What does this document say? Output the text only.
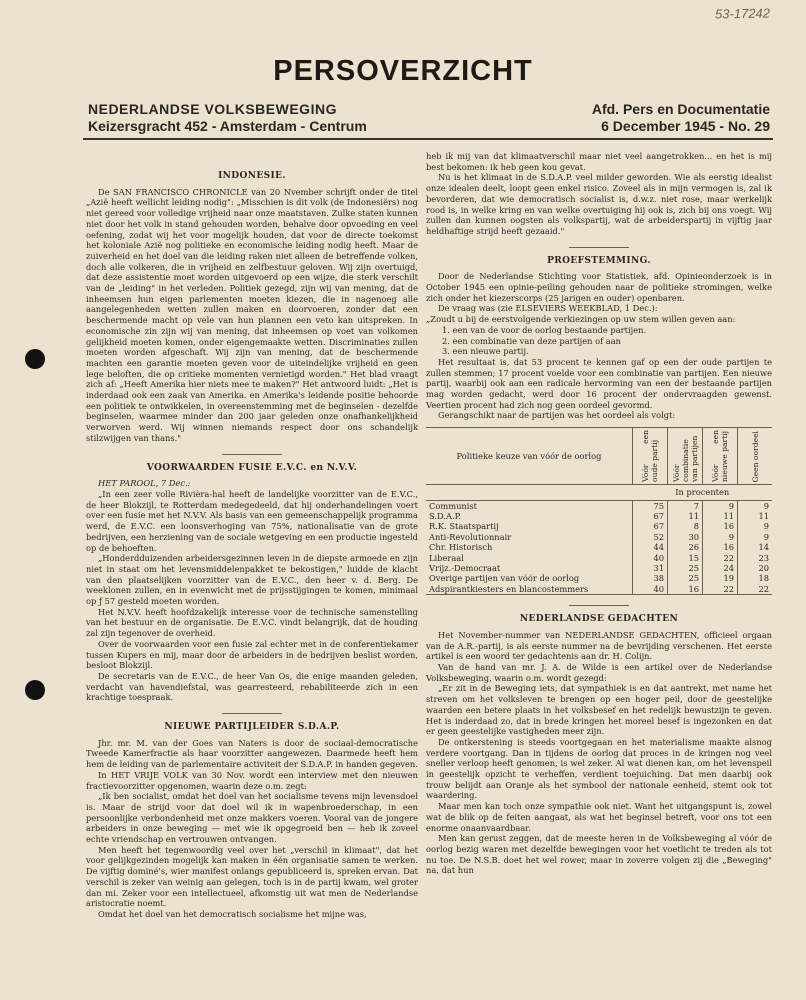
53-17242
PERSOVERZICHT
NEDERLANDSE VOLKSBEWEGING
Keizersgracht 452 - Amsterdam - Centrum
Afd. Pers en Documentatie
6 December 1945 - No. 29
INDONESIE.

De SAN FRANCISCO CHRONICLE van 20 Nvember schrijft onder de titel „Azië heeft wellicht leiding nodig": „Misschien is dit volk (de Indonesiërs) nog niet gereed voor volledige vrijheid naar onze maatstaven. Zulke staten kunnen niet door het volk in stand gehouden worden, behalve door opvoeding en veel oefening, zodat wij het voor mogelijk houden, dat voor de directe toekomst het koloniale Azië nog politieke en economische leiding nodig heeft. Maar de zuiverheid en het doel van die leiding raken niet alleen de betreffende volken, doch alle volkeren, die in vrijheid en zelfbestuur geloven. Wij zijn overtuigd, dat deze assistentie moet worden uitgevoerd op een wijze, die sterk verschilt van de „leiding" in het verleden. Politiek gezegd, zijn wij van mening, dat de inheemsen hun eigen parlementen moeten kiezen, die in nagenoeg alle aangelegenheden wetten zullen maken en doorvoeren, zonder dat een beschermende macht op vele van hun plannen een veto kan uitspreken. In economische zin zijn wij van mening, dat inheemsen op voet van volkomen gelijkheid moeten komen, onder eigengemaakte wetten. Discriminaties zullen moeten worden afgeschaft. Wij zijn van mening, dat de beschermende machten een garantie moeten geven voor de uiteindelijke vrijheid en geen lege beloften, die op critieke momenten vernietigd worden." Het blad vraagt zich af: „Heeft Amerika hier niets mee te maken?" Het antwoord luidt: „Het is inderdaad ook een zaak van Amerika. en Amerika's leidende positie behoorde een politiek te ontwikkelen, in overeenstemming met de beginselen - dezelfde beginselen, waarmee minder dan 200 jaar geleden onze onafhankelijkheid verworven werd. Wij winnen niemands respect door ons schandelijk stilzwijgen van thans."

VOORWAARDEN FUSIE E.V.C. en N.V.V.

HET PAROOL, 7 Dec.:

„In een zeer volle Rivièra-hal heeft de landelijke voorzitter van de E.V.C., de heer Blokzijl, te Rotterdam medegedeeld, dat hij onderhandelingen voert over een fusie met het N.V.V. Als basis van een gemeenschappelijk programma werd, de E.V.C. een loonsverhoging van 75%, nationalisatie van de grote bedrijven, een herziening van de sociale wetgeving en een productie ingesteld op de behoeften.

„Honderdduizenden arbeidersgezinnen leven in de diepste armoede en zijn niet in staat om het levensmiddelenpakket te bekostigen," luidde de klacht van den plaatselijken voorzitter van de E.V.C., den heer v. d. Berg. De weeklonen zullen, en in evenwicht met de prijsstijgingen te komen, minimaal op ƒ 57 gesteld moeten worden.

Het N.V.V. heeft hoofdzakelijk interesse voor de technische samenstelling van het bestuur en de organisatie. De E.V.C. vindt belangrijk, dat de houding zal zijn tegenover de overheid.

Over de voorwaarden voor een fusie zal echter met in de conferentiekamer tussen Kupers en mij, maar door de arbeiders in de bedrijven beslist worden, besloot Blokzijl.

De secretaris van de E.V.C., de heer Van Os, die enige maanden geleden, verdacht van havendiefstal, was gearresteerd, rehabiliteerde zich in een krachtige toespraak.

NIEUWE PARTIJLEIDER S.D.A.P.

Jhr. mr. M. van der Goes van Naters is door de sociaal-democratische Tweede Kamerfractie als haar voorzitter aangewezen. Daarmede heeft hem hem de leiding van de parlementaire activiteit der S.D.A.P. in handen gegeven.

In HET VRIJE VOLK van 30 Nov. wordt een interview met den nieuwen fractievoorzitter opgenomen, waarin deze o.m. zegt:

„Ik ben socialist, omdat het doel van het socialisme tevens mijn levensdoel is. Maar de strijd voor dat doel wil ik in wapenbroederschap, in een persoonlijke verbondenheid met onze makkers voeren. Vooral van de jongere arbeiders in onze beweging — met wie ik opgegroeid ben — heb ik zoveel echte vriendschap en vertrouwen ontvangen.

Men heeft het tegenwoordig veel over het „verschil in klimaat", dat het voor gelijkgezinden mogelijk kan maken in één organisatie samen te werken. De vijftig dominé's, wier manifest onlangs gepubliceerd is, spreken ervan. Dat verschil is zeker van weinig aan gelegen, toch is in de partij kwam, wel groter dan mi. Zeker voor een intellectueel, afkomstig uit wat men de Nederlandse aristocratie noemt.

Omdat het doel van het democratisch socialisme het mijne was,

heb ik mij van dat klimaatverschil maar niet veel aangetrokken... en het is mij best bekomen: ik heb geen kou gevat.

Nu is het klimaat in de S.D.A.P. veel milder geworden. Wie als eerstig idealist onze idealen deelt, loopt geen enkel risico. Zoveel als in mijn vermogen is, zal ik bevorderen, dat wie democratisch socialist is, d.w.z. niet rose, maar werkelijk rood is, in welke kring en van welke overtuiging hij ook is, zich bij ons voegt. Wij zullen dan kunnen oogsten als volkspartij, wat de arbeiderspartij in vijftig jaar heldhaftige strijd heeft gezaaid."

PROEFSTEMMING.

Door de Nederlandse Stichting voor Statistiek, afd. Opinieonderzoek is in October 1945 een opinie-peiling gehouden naar de politieke stromingen, welke zich onder het kiezerscorps (25 jarigen en ouder) openbaren.

De vraag was (zie ELSEVIERS WEEKBLAD, 1 Dec.):

„Zoudt u bij de eerstvolgende verkiezingen op uw stem willen geven aan:

1. een van de voor de oorlog bestaande partijen.
2. een combinatie van deze partijen of aan
3. een nieuwe partij.

Het resultaat is, dat 53 procent te kennen gaf op een der oude partijen te zullen stemmen; 17 procent voelde voor een combinatie van partijen. Een nieuwe partij, waarbij ook aan een radicale hervorming van een der bestaande partijen mag worden gedacht, werd door 16 procent der ondervraagden gewenst. Veertien procent had zich nog geen oordeel gevormd.

Gerangschikt naar de partijen was het oordeel als volgt:

Politieke keuze van vóór de oorlog	Vóór een oude partij	Vóór combinatie van partijen	Vóór een nieuwe partij	Geen oordeel

	In procenten			
Communist	75	7	9	9
S.D.A.P.	67	11	11	11
R.K. Staatspartij	67	8	16	9
Anti-Revolutionnair	52	30	9	9
Chr. Historisch	44	26	16	14
Liberaal	40	15	22	23
Vrijz.-Democraat	31	25	24	20
Overige partijen van vóór de oorlog	38	25	19	18
Adspirantkiesters en blancostemmers	40	16	22	22
NEDERLANDSE GEDACHTEN

Het November-nummer van NEDERLANDSE GEDACHTEN, officieel orgaan van de A.R.-partij, is als eerste nummer na de bevrijding verschenen. Het eerste artikel is een woord ter gedachtenis aan dr. H. Colijn.

Van de hand van mr. J. A. de Wilde is een artikel over de Nederlandse Volksbeweging, waarin o.m. wordt gezegd:

„Er zit in de Beweging iets, dat sympathiek is en dat aantrekt, met name het streven om het volksleven te brengen op een hoger peil, door de geestelijke waarden een betere plaats in het volksbesef en het redelijk bewustzijn te geven. Het is inderdaad zo, dat in brede kringen het moreel besef is ingezonken en dat er geen geestelijke vastigheden meer zijn.

De ontkerstening is steeds voortgegaan en het materialisme maakte alsnog verdere voortgang. Dan in tijdens de oorlog dat proces in de kringen nog veel sneller verloop heeft genomen, is wel zeker. Al wat dienen kan, om het levenspeil in geestelijk opzicht te verheffen, verdient toejuiching. Dat men daarbij ook trouw belijdt aan Oranje als het symbool der nationale eenheid, stemt ook tot waardering.

Maar men kan toch onze sympathie ook niet. Want het uitgangspunt is, zowel wat de blik op de feiten aangaat, als wat het beginsel betreft, voor ons tot een enorme onaanvaardbaar.

Men kan gerust zeggen, dat de meeste heren in de Volksbeweging al vóór de oorlog bezig waren met dezelfde bewegingen voor het voetlicht te treden als tot nu toe. De N.S.B. doet het wel rower, maar in zoverre volgen zij die „Beweging" na, dat hun
